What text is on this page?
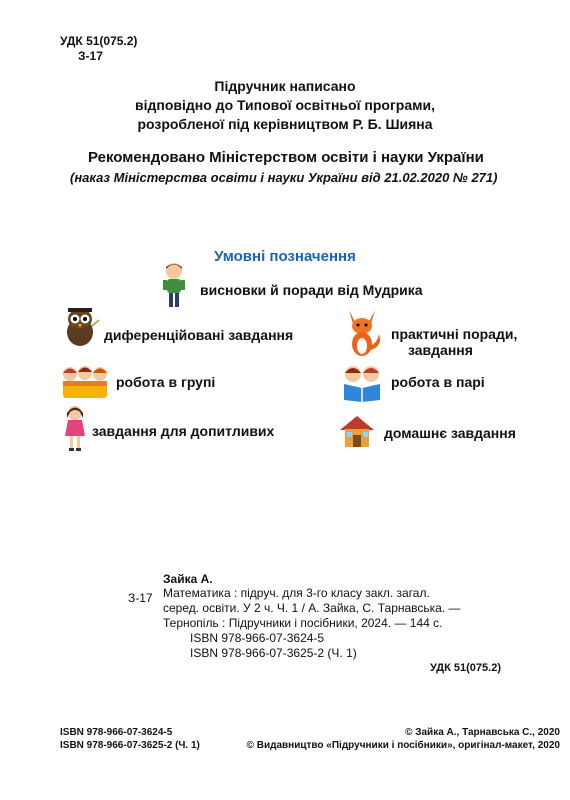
УДК 51(075.2)
З-17
Підручник написано
відповідно до Типової освітньої програми,
розробленої під керівництвом Р. Б. Шияна
Рекомендовано Міністерством освіти і науки України
(наказ Міністерства освіти і науки України від 21.02.2020 № 271)
Умовні позначення
висновки й поради від Мудрика
диференційовані завдання	практичні поради,
завдання
робота в групі	робота в парі
завдання для допитливих	домашнє завдання
Зайка А.
З-17 Математика : підруч. для 3-го класу закл. загал.
серед. освіти. У 2 ч. Ч. 1 / А. Зайка, С. Тарнавська. —
Тернопіль : Підручники і посібники, 2024. — 144 с.
ISBN 978-966-07-3624-5
ISBN 978-966-07-3625-2 (Ч. 1)
УДК 51(075.2)
ISBN 978-966-07-3624-5
ISBN 978-966-07-3625-2 (Ч. 1)
© Зайка А., Тарнавська С., 2020
© Видавництво «Підручники і посібники», оригінал-макет, 2020
